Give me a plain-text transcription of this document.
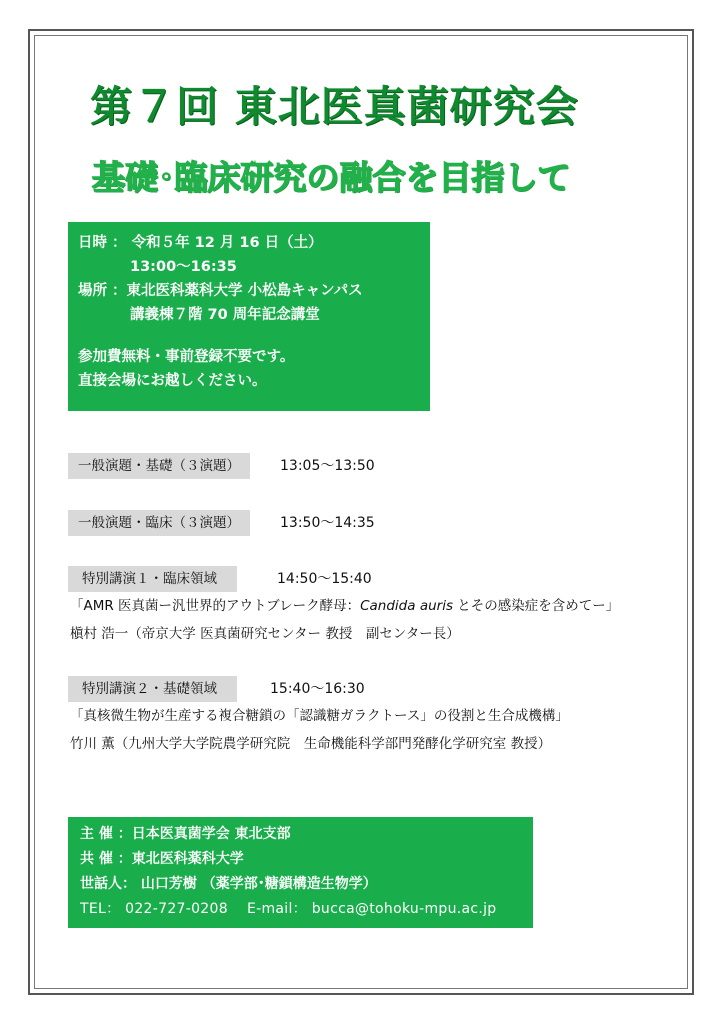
第７回 東北医真菌研究会
基礎･臨床研究の融合を目指して
日時 ： 令和５年 12 月 16 日（土）
13:00～16:35
場所 ：東北医科薬科大学 小松島キャンパス
講義棟７階 70 周年記念講堂
参加費無料・事前登録不要です。
直接会場にお越しください。
一般演題・基礎（３演題）	13:05～13:50
一般演題・臨床（３演題）	13:50～14:35
特別講演１・臨床領域	14:50～15:40
「AMR 医真菌ー汎世界的アウトブレーク酵母：Candida auris とその感染症を含めてー」
槇村 浩一（帝京大学 医真菌研究センター 教授　副センター長）
特別講演２・基礎領域	15:40～16:30
「真核微生物が生産する複合糖鎖の「認識糖ガラクトース」の役割と生合成機構」
竹川 薫（九州大学大学院農学研究院　生命機能科学部門発酵化学研究室 教授）
主 催 ：日本医真菌学会 東北支部
共 催 ：東北医科薬科大学
世話人： 山口芳樹 （薬学部･糖鎖構造生物学）
TEL： 022-727-0208　 E-mail： bucca@tohoku-mpu.ac.jp
